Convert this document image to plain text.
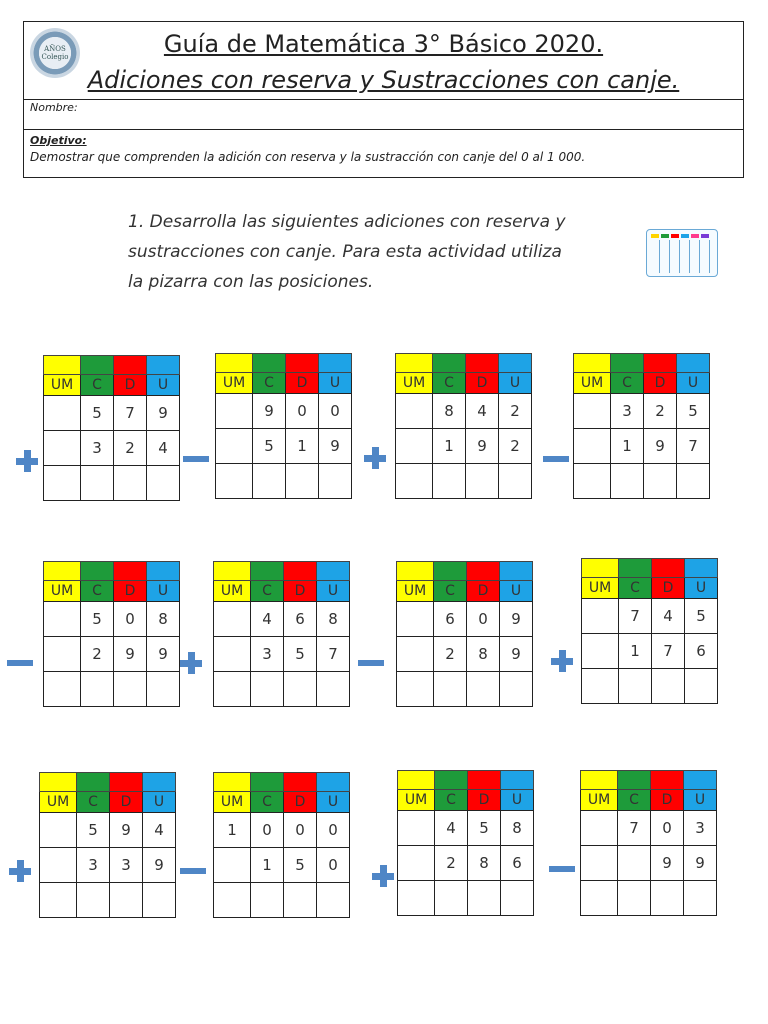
AÑOS
Colegio	Guía de Matemática 3° Básico 2020.
Adiciones con reserva y Sustracciones con canje.
Nombre:
Objetivo:
Demostrar que comprenden la adición con reserva y la sustracción con canje del 0 al 1 000.
1. Desarrolla las siguientes adiciones con reserva y
sustracciones con canje. Para esta actividad utiliza
la pizarra con las posiciones.

UM	C	D	U
	5	7	9
	3	2	4

UM	C	D	U
	9	0	0
	5	1	9

UM	C	D	U
	8	4	2
	1	9	2

UM	C	D	U
	3	2	5
	1	9	7

UM	C	D	U
	5	0	8
	2	9	9

UM	C	D	U
	4	6	8
	3	5	7

UM	C	D	U
	6	0	9
	2	8	9

UM	C	D	U
	7	4	5
	1	7	6

UM	C	D	U
	5	9	4
	3	3	9

UM	C	D	U
1	0	0	0
	1	5	0

UM	C	D	U
	4	5	8
	2	8	6

UM	C	D	U
	7	0	3
		9	9
